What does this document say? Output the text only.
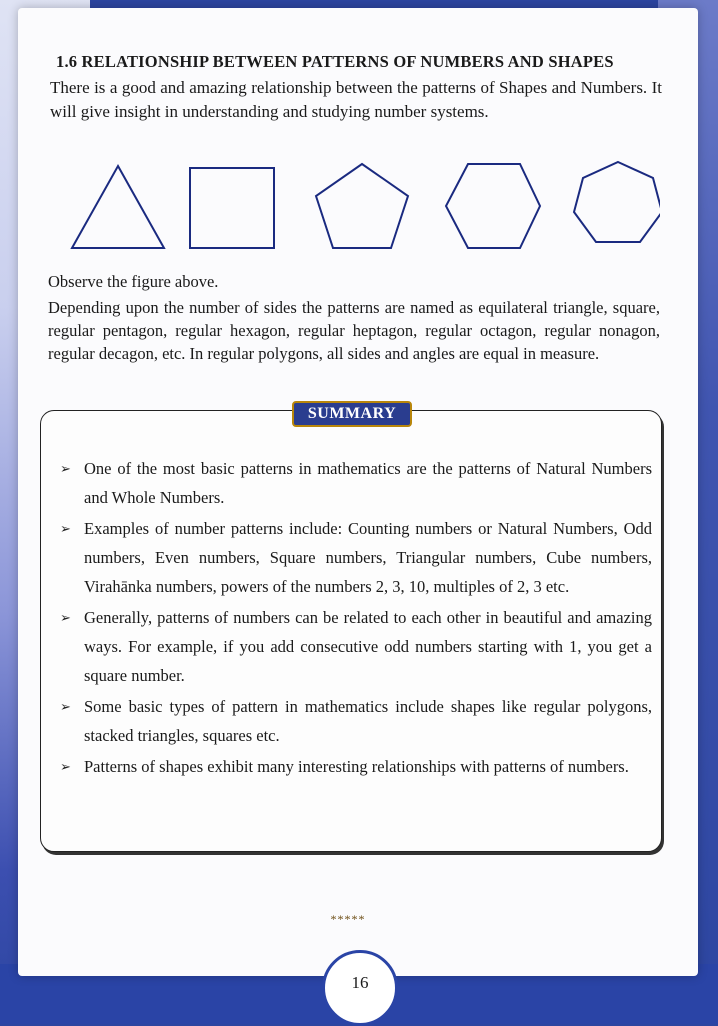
1.6 RELATIONSHIP BETWEEN PATTERNS OF NUMBERS AND SHAPES
There is a good and amazing relationship between the patterns of Shapes and Numbers. It will give insight in understanding and studying number systems.
Observe the figure above.
Depending upon the number of sides the patterns are named as equilateral triangle, square, regular pentagon, regular hexagon, regular heptagon, regular octagon, regular nonagon, regular decagon, etc. In regular polygons, all sides and angles are equal in measure.
SUMMARY
➢ One of the most basic patterns in mathematics are the patterns of Natural Numbers and Whole Numbers.
➢ Examples of number patterns include: Counting numbers or Natural Numbers, Odd numbers, Even numbers, Square numbers, Triangular numbers, Cube numbers, Virahānka numbers, powers of the numbers 2, 3, 10, multiples of 2, 3 etc.
➢ Generally, patterns of numbers can be related to each other in beautiful and amazing ways. For example, if you add consecutive odd numbers starting with 1, you get a square number.
➢ Some basic types of pattern in mathematics include shapes like regular polygons, stacked triangles, squares etc.
➢ Patterns of shapes exhibit many interesting relationships with patterns of numbers.
*****
16
